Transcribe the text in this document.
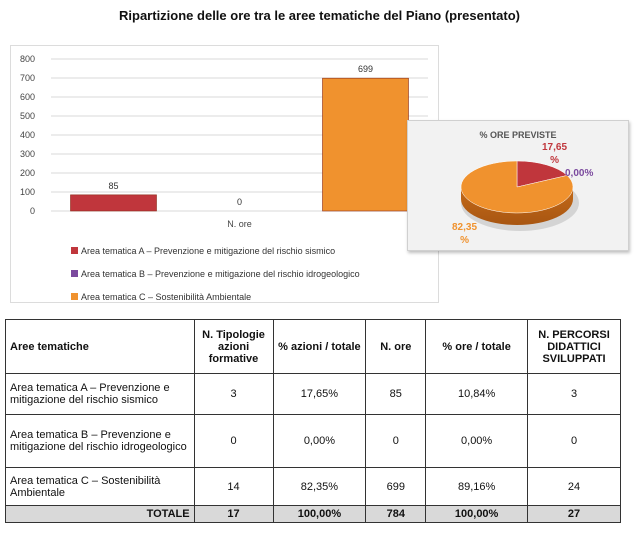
Ripartizione delle ore tra le aree tematiche del Piano (presentato)
0
100
200
300
400
500
600
700
800
85
0
699
N. ore
Area tematica A – Prevenzione e mitigazione del rischio sismico
Area tematica B – Prevenzione e mitigazione del rischio idrogeologico
Area tematica C – Sostenibilità Ambientale
% ORE PREVISTE
17,65
%
0,00%
82,35
%
Aree tematiche	N. Tipologie azioni formative	% azioni / totale	N. ore	% ore / totale	N. PERCORSI DIDATTICI SVILUPPATI
Area tematica A – Prevenzione e mitigazione del rischio sismico	3	17,65%	85	10,84%	3
Area tematica B – Prevenzione e mitigazione del rischio idrogeologico	0	0,00%	0	0,00%	0
Area tematica C – Sostenibilità Ambientale	14	82,35%	699	89,16%	24
TOTALE	17	100,00%	784	100,00%	27
